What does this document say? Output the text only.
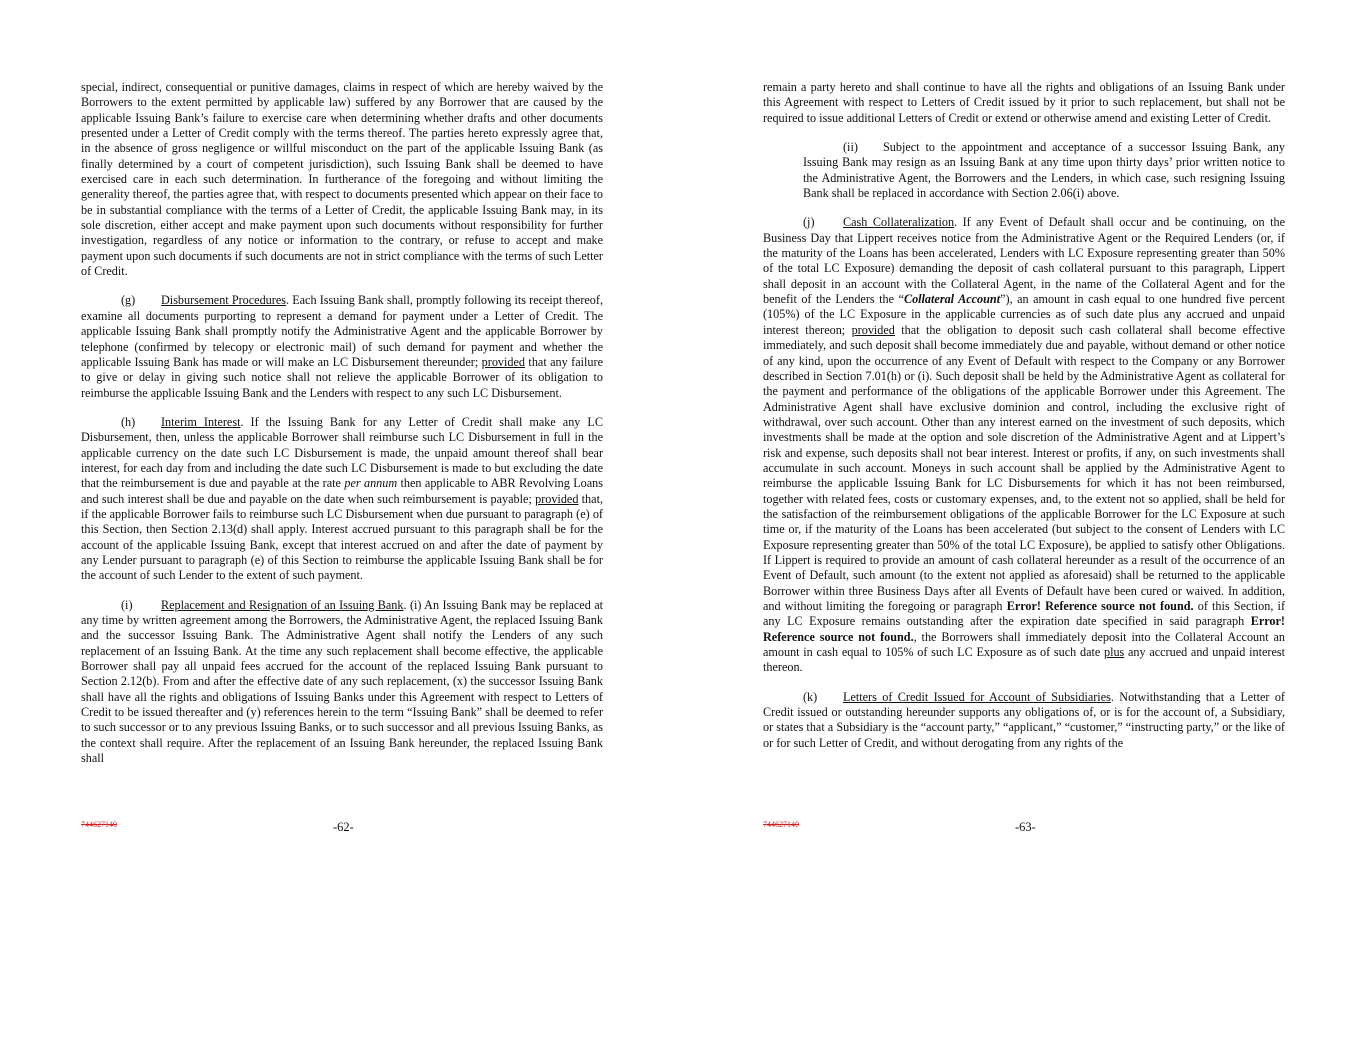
special, indirect, consequential or punitive damages, claims in respect of which are hereby waived by the Borrowers to the extent permitted by applicable law) suffered by any Borrower that are caused by the applicable Issuing Bank’s failure to exercise care when determining whether drafts and other documents presented under a Letter of Credit comply with the terms thereof. The parties hereto expressly agree that, in the absence of gross negligence or willful misconduct on the part of the applicable Issuing Bank (as finally determined by a court of competent jurisdiction), such Issuing Bank shall be deemed to have exercised care in each such determination. In furtherance of the foregoing and without limiting the generality thereof, the parties agree that, with respect to documents presented which appear on their face to be in substantial compliance with the terms of a Letter of Credit, the applicable Issuing Bank may, in its sole discretion, either accept and make payment upon such documents without responsibility for further investigation, regardless of any notice or information to the contrary, or refuse to accept and make payment upon such documents if such documents are not in strict compliance with the terms of such Letter of Credit.

(g) Disbursement Procedures. Each Issuing Bank shall, promptly following its receipt thereof, examine all documents purporting to represent a demand for payment under a Letter of Credit. The applicable Issuing Bank shall promptly notify the Administrative Agent and the applicable Borrower by telephone (confirmed by telecopy or electronic mail) of such demand for payment and whether the applicable Issuing Bank has made or will make an LC Disbursement thereunder; provided that any failure to give or delay in giving such notice shall not relieve the applicable Borrower of its obligation to reimburse the applicable Issuing Bank and the Lenders with respect to any such LC Disbursement.

(h) Interim Interest. If the Issuing Bank for any Letter of Credit shall make any LC Disbursement, then, unless the applicable Borrower shall reimburse such LC Disbursement in full in the applicable currency on the date such LC Disbursement is made, the unpaid amount thereof shall bear interest, for each day from and including the date such LC Disbursement is made to but excluding the date that the reimbursement is due and payable at the rate per annum then applicable to ABR Revolving Loans and such interest shall be due and payable on the date when such reimbursement is payable; provided that, if the applicable Borrower fails to reimburse such LC Disbursement when due pursuant to paragraph (e) of this Section, then Section 2.13(d) shall apply. Interest accrued pursuant to this paragraph shall be for the account of the applicable Issuing Bank, except that interest accrued on and after the date of payment by any Lender pursuant to paragraph (e) of this Section to reimburse the applicable Issuing Bank shall be for the account of such Lender to the extent of such payment.

(i) Replacement and Resignation of an Issuing Bank. (i) An Issuing Bank may be replaced at any time by written agreement among the Borrowers, the Administrative Agent, the replaced Issuing Bank and the successor Issuing Bank. The Administrative Agent shall notify the Lenders of any such replacement of an Issuing Bank. At the time any such replacement shall become effective, the applicable Borrower shall pay all unpaid fees accrued for the account of the replaced Issuing Bank pursuant to Section 2.12(b). From and after the effective date of any such replacement, (x) the successor Issuing Bank shall have all the rights and obligations of Issuing Banks under this Agreement with respect to Letters of Credit to be issued thereafter and (y) references herein to the term “Issuing Bank” shall be deemed to refer to such successor or to any previous Issuing Banks, or to such successor and all previous Issuing Banks, as the context shall require. After the replacement of an Issuing Bank hereunder, the replaced Issuing Bank shall

744627140	-62-

remain a party hereto and shall continue to have all the rights and obligations of an Issuing Bank under this Agreement with respect to Letters of Credit issued by it prior to such replacement, but shall not be required to issue additional Letters of Credit or extend or otherwise amend and existing Letter of Credit.

(ii) Subject to the appointment and acceptance of a successor Issuing Bank, any Issuing Bank may resign as an Issuing Bank at any time upon thirty days’ prior written notice to the Administrative Agent, the Borrowers and the Lenders, in which case, such resigning Issuing Bank shall be replaced in accordance with Section 2.06(i) above.

(j) Cash Collateralization. If any Event of Default shall occur and be continuing, on the Business Day that Lippert receives notice from the Administrative Agent or the Required Lenders (or, if the maturity of the Loans has been accelerated, Lenders with LC Exposure representing greater than 50% of the total LC Exposure) demanding the deposit of cash collateral pursuant to this paragraph, Lippert shall deposit in an account with the Collateral Agent, in the name of the Collateral Agent and for the benefit of the Lenders the “Collateral Account”), an amount in cash equal to one hundred five percent (105%) of the LC Exposure in the applicable currencies as of such date plus any accrued and unpaid interest thereon; provided that the obligation to deposit such cash collateral shall become effective immediately, and such deposit shall become immediately due and payable, without demand or other notice of any kind, upon the occurrence of any Event of Default with respect to the Company or any Borrower described in Section 7.01(h) or (i). Such deposit shall be held by the Administrative Agent as collateral for the payment and performance of the obligations of the applicable Borrower under this Agreement. The Administrative Agent shall have exclusive dominion and control, including the exclusive right of withdrawal, over such account. Other than any interest earned on the investment of such deposits, which investments shall be made at the option and sole discretion of the Administrative Agent and at Lippert’s risk and expense, such deposits shall not bear interest. Interest or profits, if any, on such investments shall accumulate in such account. Moneys in such account shall be applied by the Administrative Agent to reimburse the applicable Issuing Bank for LC Disbursements for which it has not been reimbursed, together with related fees, costs or customary expenses, and, to the extent not so applied, shall be held for the satisfaction of the reimbursement obligations of the applicable Borrower for the LC Exposure at such time or, if the maturity of the Loans has been accelerated (but subject to the consent of Lenders with LC Exposure representing greater than 50% of the total LC Exposure), be applied to satisfy other Obligations. If Lippert is required to provide an amount of cash collateral hereunder as a result of the occurrence of an Event of Default, such amount (to the extent not applied as aforesaid) shall be returned to the applicable Borrower within three Business Days after all Events of Default have been cured or waived. In addition, and without limiting the foregoing or paragraph Error! Reference source not found. of this Section, if any LC Exposure remains outstanding after the expiration date specified in said paragraph Error! Reference source not found., the Borrowers shall immediately deposit into the Collateral Account an amount in cash equal to 105% of such LC Exposure as of such date plus any accrued and unpaid interest thereon.

(k) Letters of Credit Issued for Account of Subsidiaries. Notwithstanding that a Letter of Credit issued or outstanding hereunder supports any obligations of, or is for the account of, a Subsidiary, or states that a Subsidiary is the “account party,” “applicant,” “customer,” “instructing party,” or the like of or for such Letter of Credit, and without derogating from any rights of the

744627140	-63-
